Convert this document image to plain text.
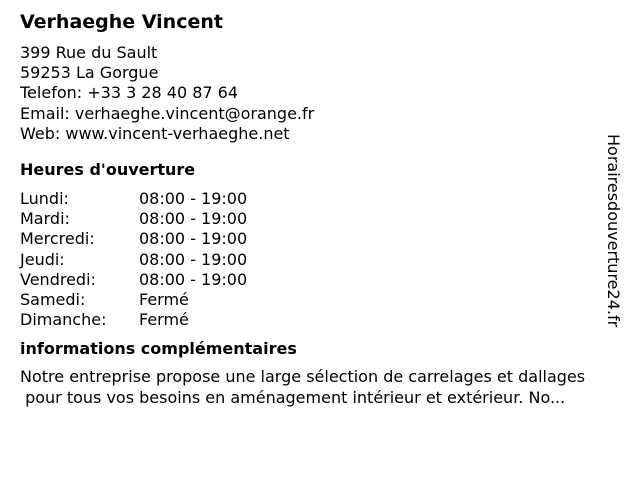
Verhaeghe Vincent
399 Rue du Sault
59253 La Gorgue
Telefon: +33 3 28 40 87 64
Email: verhaeghe.vincent@orange.fr
Web: www.vincent-verhaeghe.net
Heures d'ouverture
Lundi:	08:00 - 19:00
Mardi:	08:00 - 19:00
Mercredi:	08:00 - 19:00
Jeudi:	08:00 - 19:00
Vendredi:	08:00 - 19:00
Samedi:	Fermé
Dimanche: Fermé
informations complémentaires
Notre entreprise propose une large sélection de carrelages et dallages
pour tous vos besoins en aménagement intérieur et extérieur. No...
Horairesdouverture24.fr
